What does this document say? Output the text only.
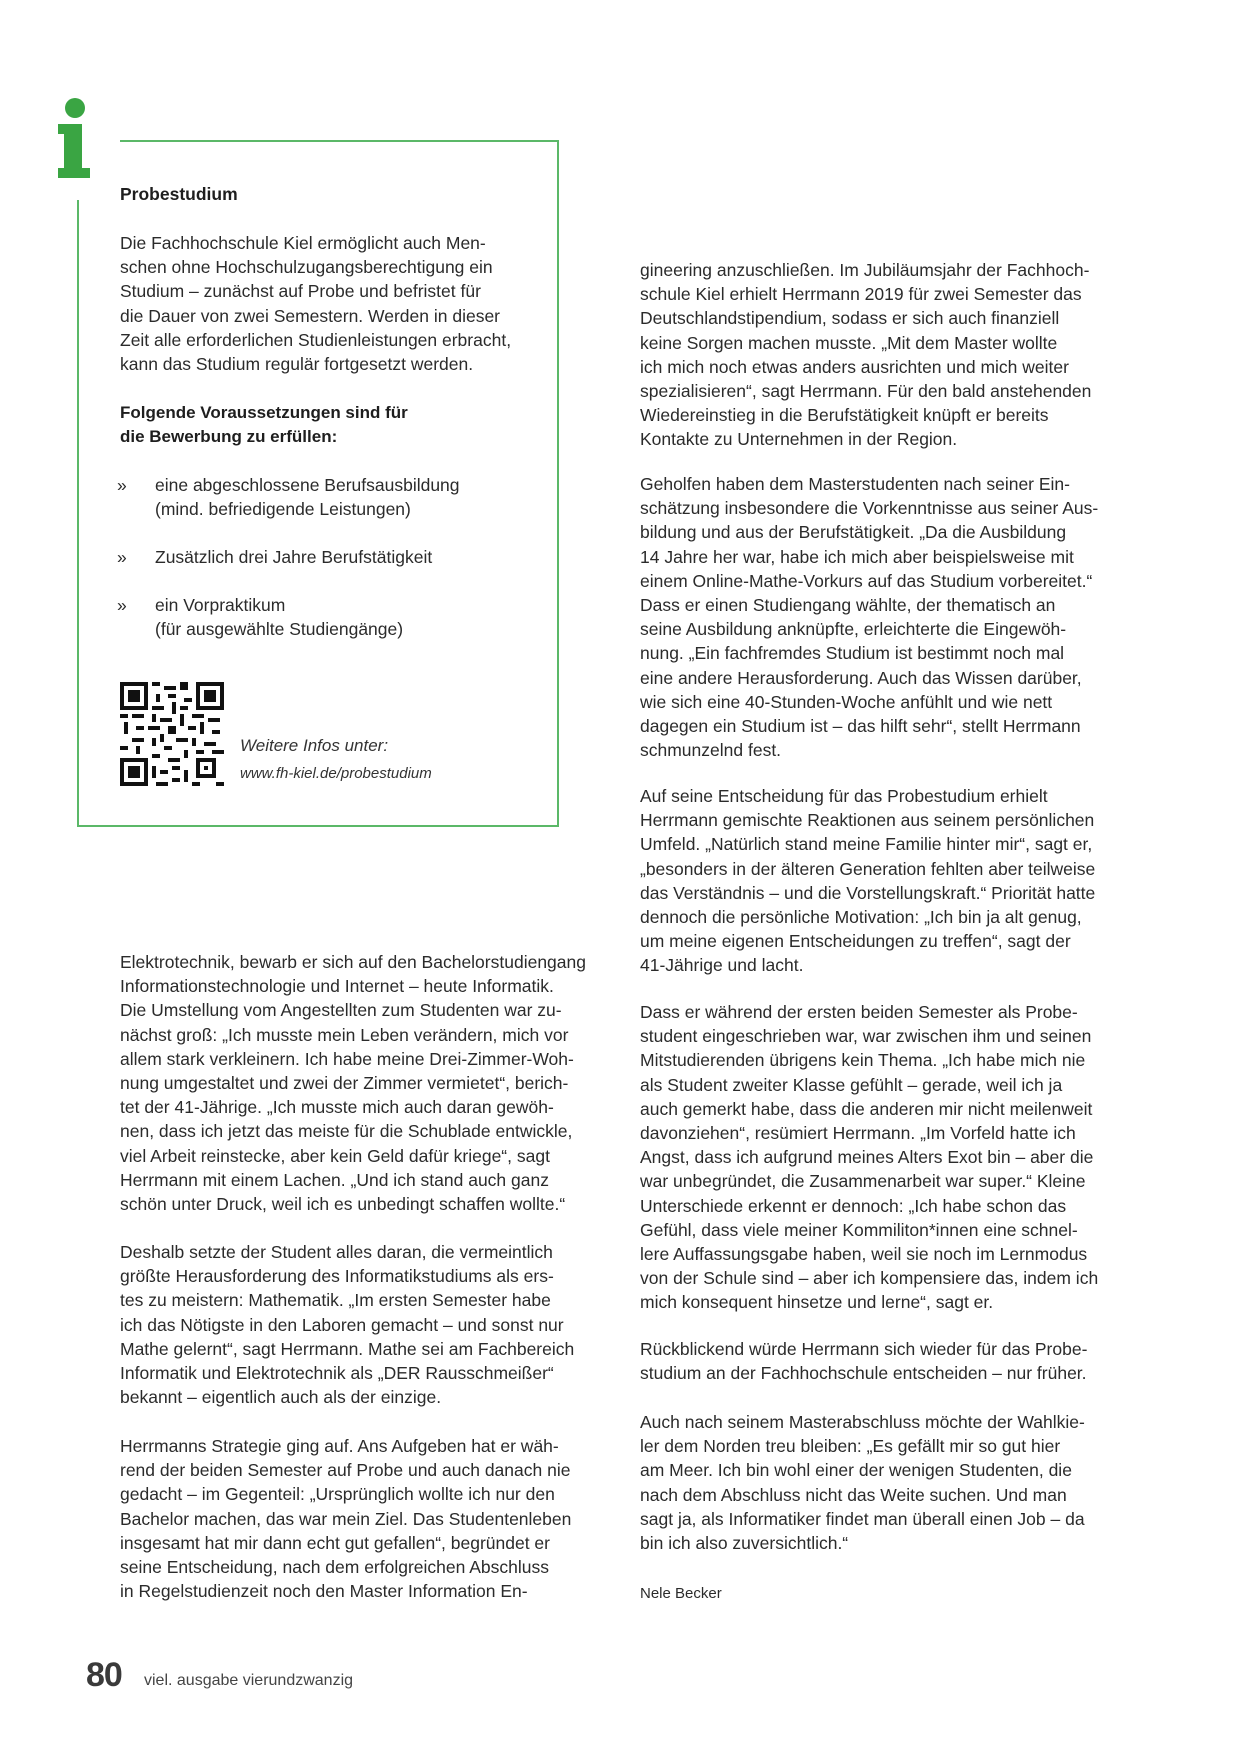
Probestudium

Die Fachhochschule Kiel ermöglicht auch Men-
schen ohne Hochschulzugangsberechtigung ein
Studium – zunächst auf Probe und befristet für
die Dauer von zwei Semestern. Werden in dieser
Zeit alle erforderlichen Studienleistungen erbracht,
kann das Studium regulär fortgesetzt werden.

Folgende Voraussetzungen sind für
die Bewerbung zu erfüllen:
» eine abgeschlossene Berufsausbildung
(mind. befriedigende Leistungen)
» Zusätzlich drei Jahre Berufstätigkeit
» ein Vorpraktikum
(für ausgewählte Studiengänge)
Weitere Infos unter:
www.fh-kiel.de/probestudium

Elektrotechnik, bewarb er sich auf den Bachelorstudiengang
Informationstechnologie und Internet – heute Informatik.
Die Umstellung vom Angestellten zum Studenten war zu-
nächst groß: „Ich musste mein Leben verändern, mich vor
allem stark verkleinern. Ich habe meine Drei-Zimmer-Woh-
nung umgestaltet und zwei der Zimmer vermietet“, berich-
tet der 41-Jährige. „Ich musste mich auch daran gewöh-
nen, dass ich jetzt das meiste für die Schublade entwickle,
viel Arbeit reinstecke, aber kein Geld dafür kriege“, sagt
Herrmann mit einem Lachen. „Und ich stand auch ganz
schön unter Druck, weil ich es unbedingt schaffen wollte.“

Deshalb setzte der Student alles daran, die vermeintlich
größte Herausforderung des Informatikstudiums als ers-
tes zu meistern: Mathematik. „Im ersten Semester habe
ich das Nötigste in den Laboren gemacht – und sonst nur
Mathe gelernt“, sagt Herrmann. Mathe sei am Fachbereich
Informatik und Elektrotechnik als „DER Rausschmeißer“
bekannt – eigentlich auch als der einzige.

Herrmanns Strategie ging auf. Ans Aufgeben hat er wäh-
rend der beiden Semester auf Probe und auch danach nie
gedacht – im Gegenteil: „Ursprünglich wollte ich nur den
Bachelor machen, das war mein Ziel. Das Studentenleben
insgesamt hat mir dann echt gut gefallen“, begründet er
seine Entscheidung, nach dem erfolgreichen Abschluss
in Regelstudienzeit noch den Master Information En-

gineering anzuschließen. Im Jubiläumsjahr der Fachhoch-
schule Kiel erhielt Herrmann 2019 für zwei Semester das
Deutschlandstipendium, sodass er sich auch finanziell
keine Sorgen machen musste. „Mit dem Master wollte
ich mich noch etwas anders ausrichten und mich weiter
spezialisieren“, sagt Herrmann. Für den bald anstehenden
Wiedereinstieg in die Berufstätigkeit knüpft er bereits
Kontakte zu Unternehmen in der Region.

Geholfen haben dem Masterstudenten nach seiner Ein-
schätzung insbesondere die Vorkenntnisse aus seiner Aus-
bildung und aus der Berufstätigkeit. „Da die Ausbildung
14 Jahre her war, habe ich mich aber beispielsweise mit
einem Online-Mathe-Vorkurs auf das Studium vorbereitet.“
Dass er einen Studiengang wählte, der thematisch an
seine Ausbildung anknüpfte, erleichterte die Eingewöh-
nung. „Ein fachfremdes Studium ist bestimmt noch mal
eine andere Herausforderung. Auch das Wissen darüber,
wie sich eine 40-Stunden-Woche anfühlt und wie nett
dagegen ein Studium ist – das hilft sehr“, stellt Herrmann
schmunzelnd fest.

Auf seine Entscheidung für das Probestudium erhielt
Herrmann gemischte Reaktionen aus seinem persönlichen
Umfeld. „Natürlich stand meine Familie hinter mir“, sagt er,
„besonders in der älteren Generation fehlten aber teilweise
das Verständnis – und die Vorstellungskraft.“ Priorität hatte
dennoch die persönliche Motivation: „Ich bin ja alt genug,
um meine eigenen Entscheidungen zu treffen“, sagt der
41-Jährige und lacht.

Dass er während der ersten beiden Semester als Probe-
student eingeschrieben war, war zwischen ihm und seinen
Mitstudierenden übrigens kein Thema. „Ich habe mich nie
als Student zweiter Klasse gefühlt – gerade, weil ich ja
auch gemerkt habe, dass die anderen mir nicht meilenweit
davonziehen“, resümiert Herrmann. „Im Vorfeld hatte ich
Angst, dass ich aufgrund meines Alters Exot bin – aber die
war unbegründet, die Zusammenarbeit war super.“ Kleine
Unterschiede erkennt er dennoch: „Ich habe schon das
Gefühl, dass viele meiner Kommiliton*innen eine schnel-
lere Auffassungsgabe haben, weil sie noch im Lernmodus
von der Schule sind – aber ich kompensiere das, indem ich
mich konsequent hinsetze und lerne“, sagt er.

Rückblickend würde Herrmann sich wieder für das Probe-
studium an der Fachhochschule entscheiden – nur früher.

Auch nach seinem Masterabschluss möchte der Wahlkie-
ler dem Norden treu bleiben: „Es gefällt mir so gut hier
am Meer. Ich bin wohl einer der wenigen Studenten, die
nach dem Abschluss nicht das Weite suchen. Und man
sagt ja, als Informatiker findet man überall einen Job – da
bin ich also zuversichtlich.“

Nele Becker
80 viel. ausgabe vierundzwanzig
